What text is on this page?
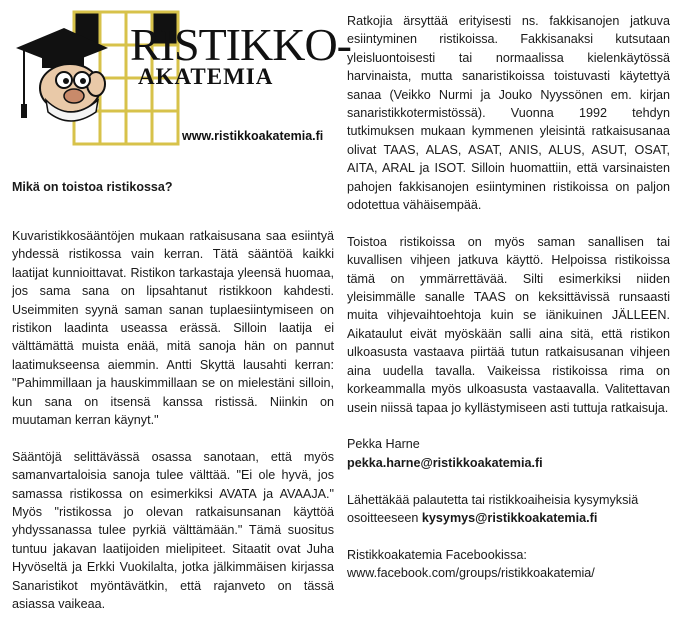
RISTIKKO-
AKATEMIA
www.ristikkoakatemia.fi
Mikä on toistoa ristikossa?

Kuvaristikkosääntöjen mukaan ratkaisusana saa esiintyä yhdessä ristikossa vain kerran. Tätä sääntöä kaikki laatijat kunnioittavat. Ristikon tarkastaja yleensä huomaa, jos sama sana on lipsahtanut ristikkoon kahdesti. Useimmiten syynä saman sanan tuplaesiintymiseen on ristikon laadinta useassa erässä. Silloin laatija ei välttämättä muista enää, mitä sanoja hän on pannut laatimukseensa aiemmin. Antti Skyttä lausahti kerran: "Pahimmillaan ja hauskimmillaan se on mielestäni silloin, kun sana on itsensä kanssa ristissä. Niinkin on muutaman kerran käynyt."

Sääntöjä selittävässä osassa sanotaan, että myös samanvartaloisia sanoja tulee välttää. "Ei ole hyvä, jos samassa ristikossa on esimerkiksi AVATA ja AVAAJA." Myös "ristikossa jo olevan ratkaisunsanan käyttöä yhdyssanassa tulee pyrkiä välttämään." Tämä suositus tuntuu jakavan laatijoiden mielipiteet. Sitaatit ovat Juha Hyvöseltä ja Erkki Vuokilalta, jotka jälkimmäisen kirjassa Sanaristikot myöntävätkin, että rajanveto on tässä asiassa vaikeaa.

Ratkojia ärsyttää erityisesti ns. fakkisanojen jatkuva esiintyminen ristikoissa. Fakkisanaksi kutsutaan yleisluontoisesti tai normaalissa kielenkäytössä harvinaista, mutta sanaristikoissa toistuvasti käytettyä sanaa (Veikko Nurmi ja Jouko Nyyssönen em. kirjan sanaristikkotermistössä). Vuonna 1992 tehdyn tutkimuksen mukaan kymmenen yleisintä ratkaisusanaa olivat TAAS, ALAS, ASAT, ANIS, ALUS, ASUT, OSAT, AITA, ARAL ja ISOT. Silloin huomattiin, että varsinaisten pahojen fakkisanojen esiintyminen ristikoissa on paljon odotettua vähäisempää.

Toistoa ristikoissa on myös saman sanallisen tai kuvallisen vihjeen jatkuva käyttö. Helpoissa ristikoissa tämä on ymmärrettävää. Silti esimerkiksi niiden yleisimmälle sanalle TAAS on keksittävissä runsaasti muita vihjevaihtoehtoja kuin se iänikuinen JÄLLEEN. Aikataulut eivät myöskään salli aina sitä, että ristikon ulkoasusta vastaava piirtää tutun ratkaisusanan vihjeen aina uudella tavalla. Vaikeissa ristikoissa rima on korkeammalla myös ulkoasusta vastaavalla. Valitettavan usein niissä tapaa jo kyllästymiseen asti tuttuja ratkaisuja.

Pekka Harne

pekka.harne@ristikkoakatemia.fi

Lähettäkää palautetta tai ristikkoaiheisia kysymyksiä osoitteeseen kysymys@ristikkoakatemia.fi

Ristikkoakatemia Facebookissa:

www.facebook.com/groups/ristikkoakatemia/
